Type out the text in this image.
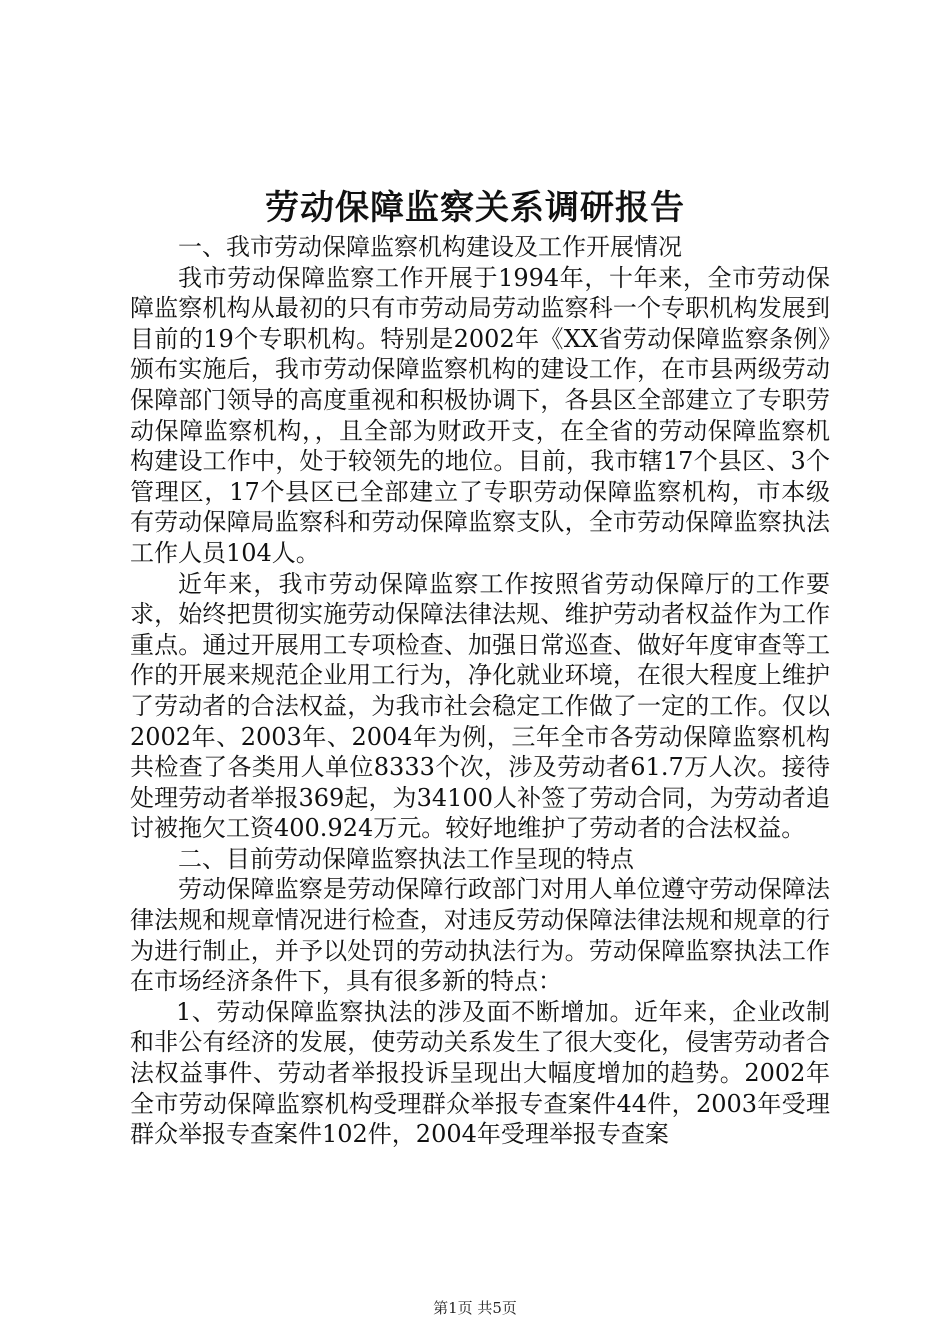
劳动保障监察关系调研报告

一、我市劳动保障监察机构建设及工作开展情况

我市劳动保障监察工作开展于1994年，十年来，全市劳动保障监察机构从最初的只有市劳动局劳动监察科一个专职机构发展到目前的19个专职机构。特别是2002年《XX省劳动保障监察条例》颁布实施后，我市劳动保障监察机构的建设工作，在市县两级劳动保障部门领导的高度重视和积极协调下，各县区全部建立了专职劳动保障监察机构，，且全部为财政开支，在全省的劳动保障监察机构建设工作中，处于较领先的地位。目前，我市辖17个县区、3个管理区，17个县区已全部建立了专职劳动保障监察机构，市本级有劳动保障局监察科和劳动保障监察支队，全市劳动保障监察执法工作人员104人。

近年来，我市劳动保障监察工作按照省劳动保障厅的工作要求，始终把贯彻实施劳动保障法律法规、维护劳动者权益作为工作重点。通过开展用工专项检查、加强日常巡查、做好年度审查等工作的开展来规范企业用工行为，净化就业环境，在很大程度上维护了劳动者的合法权益，为我市社会稳定工作做了一定的工作。仅以2002年、2003年、2004年为例，三年全市各劳动保障监察机构共检查了各类用人单位8333个次，涉及劳动者61.7万人次。接待处理劳动者举报369起，为34100人补签了劳动合同，为劳动者追讨被拖欠工资400.924万元。较好地维护了劳动者的合法权益。

二、目前劳动保障监察执法工作呈现的特点

劳动保障监察是劳动保障行政部门对用人单位遵守劳动保障法律法规和规章情况进行检查，对违反劳动保障法律法规和规章的行为进行制止，并予以处罚的劳动执法行为。劳动保障监察执法工作在市场经济条件下，具有很多新的特点：

1、劳动保障监察执法的涉及面不断增加。近年来，企业改制和非公有经济的发展，使劳动关系发生了很大变化，侵害劳动者合法权益事件、劳动者举报投诉呈现出大幅度增加的趋势。2002年全市劳动保障监察机构受理群众举报专查案件44件，2003年受理群众举报专查案件102件，2004年受理举报专查案

第1页 共5页
